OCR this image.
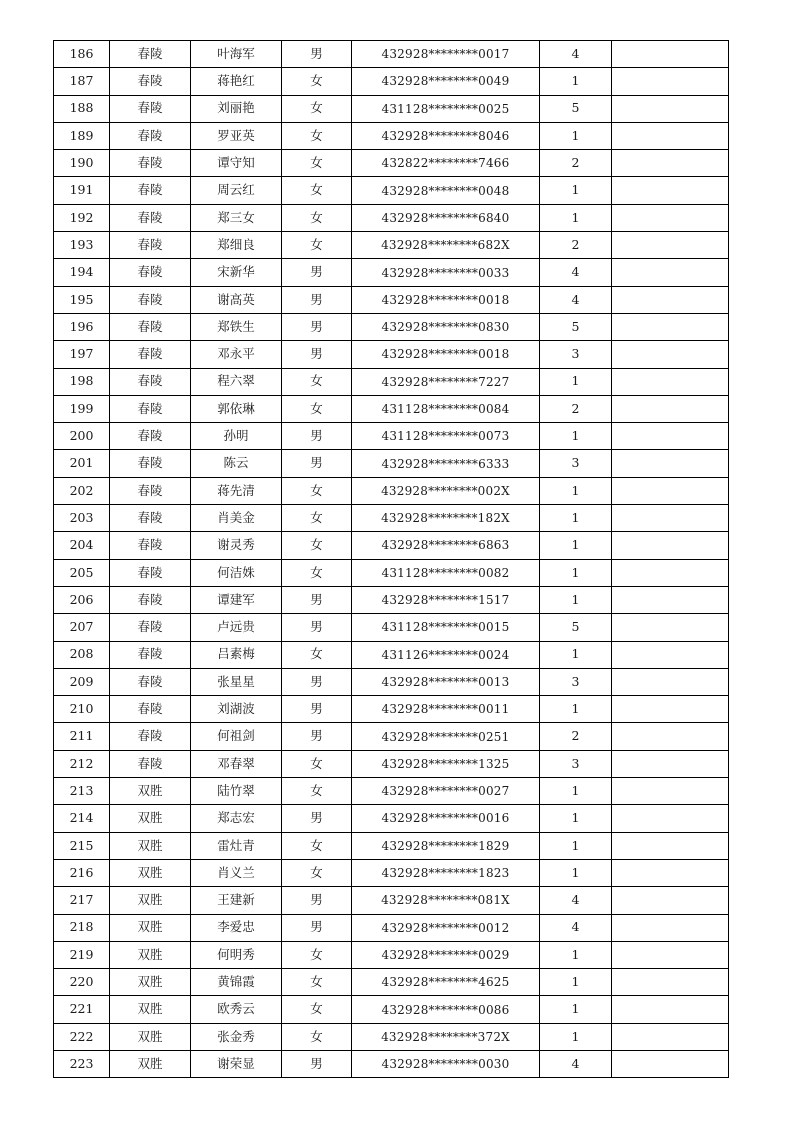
186	春陵	叶海军	男	432928********0017	4	
187	春陵	蒋艳红	女	432928********0049	1	
188	春陵	刘丽艳	女	431128********0025	5	
189	春陵	罗亚英	女	432928********8046	1	
190	春陵	谭守知	女	432822********7466	2	
191	春陵	周云红	女	432928********0048	1	
192	春陵	郑三女	女	432928********6840	1	
193	春陵	郑细良	女	432928********682X	2	
194	春陵	宋新华	男	432928********0033	4	
195	春陵	谢高英	男	432928********0018	4	
196	春陵	郑铁生	男	432928********0830	5	
197	春陵	邓永平	男	432928********0018	3	
198	春陵	程六翠	女	432928********7227	1	
199	春陵	郭依琳	女	431128********0084	2	
200	春陵	孙明	男	431128********0073	1	
201	春陵	陈云	男	432928********6333	3	
202	春陵	蒋先清	女	432928********002X	1	
203	春陵	肖美金	女	432928********182X	1	
204	春陵	谢灵秀	女	432928********6863	1	
205	春陵	何洁姝	女	431128********0082	1	
206	春陵	谭建军	男	432928********1517	1	
207	春陵	卢远贵	男	431128********0015	5	
208	春陵	吕素梅	女	431126********0024	1	
209	春陵	张星星	男	432928********0013	3	
210	春陵	刘湖波	男	432928********0011	1	
211	春陵	何祖剑	男	432928********0251	2	
212	春陵	邓春翠	女	432928********1325	3	
213	双胜	陆竹翠	女	432928********0027	1	
214	双胜	郑志宏	男	432928********0016	1	
215	双胜	雷灶青	女	432928********1829	1	
216	双胜	肖义兰	女	432928********1823	1	
217	双胜	王建新	男	432928********081X	4	
218	双胜	李爱忠	男	432928********0012	4	
219	双胜	何明秀	女	432928********0029	1	
220	双胜	黄锦霞	女	432928********4625	1	
221	双胜	欧秀云	女	432928********0086	1	
222	双胜	张金秀	女	432928********372X	1	
223	双胜	谢荣显	男	432928********0030	4	
